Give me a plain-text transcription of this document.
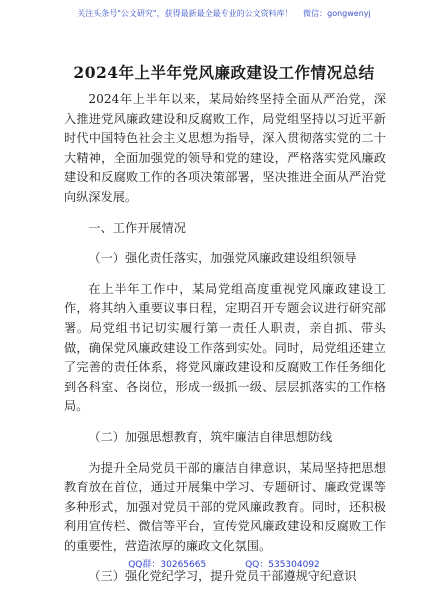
关注头条号"公文研究"，获得最新最全最专业的公文资料库！ 微信：gongwenyj
2024年上半年党风廉政建设工作情况总结

2024年上半年以来，某局始终坚持全面从严治党，深入推进党风廉政建设和反腐败工作，局党组坚持以习近平新时代中国特色社会主义思想为指导，深入贯彻落实党的二十大精神，全面加强党的领导和党的建设，严格落实党风廉政建设和反腐败工作的各项决策部署，坚决推进全面从严治党向纵深发展。

一、工作开展情况

（一）强化责任落实，加强党风廉政建设组织领导

在上半年工作中，某局党组高度重视党风廉政建设工作，将其纳入重要议事日程，定期召开专题会议进行研究部署。局党组书记切实履行第一责任人职责，亲自抓、带头做，确保党风廉政建设工作落到实处。同时，局党组还建立了完善的责任体系，将党风廉政建设和反腐败工作任务细化到各科室、各岗位，形成一级抓一级、层层抓落实的工作格局。

（二）加强思想教育，筑牢廉洁自律思想防线

为提升全局党员干部的廉洁自律意识，某局坚持把思想教育放在首位，通过开展集中学习、专题研讨、廉政党课等多种形式，加强对党员干部的党风廉政教育。同时，还积极利用宣传栏、微信等平台，宣传党风廉政建设和反腐败工作的重要性，营造浓厚的廉政文化氛围。

（三）强化党纪学习，提升党员干部遵规守纪意识

QQ群：30265665	QQ：535304092
